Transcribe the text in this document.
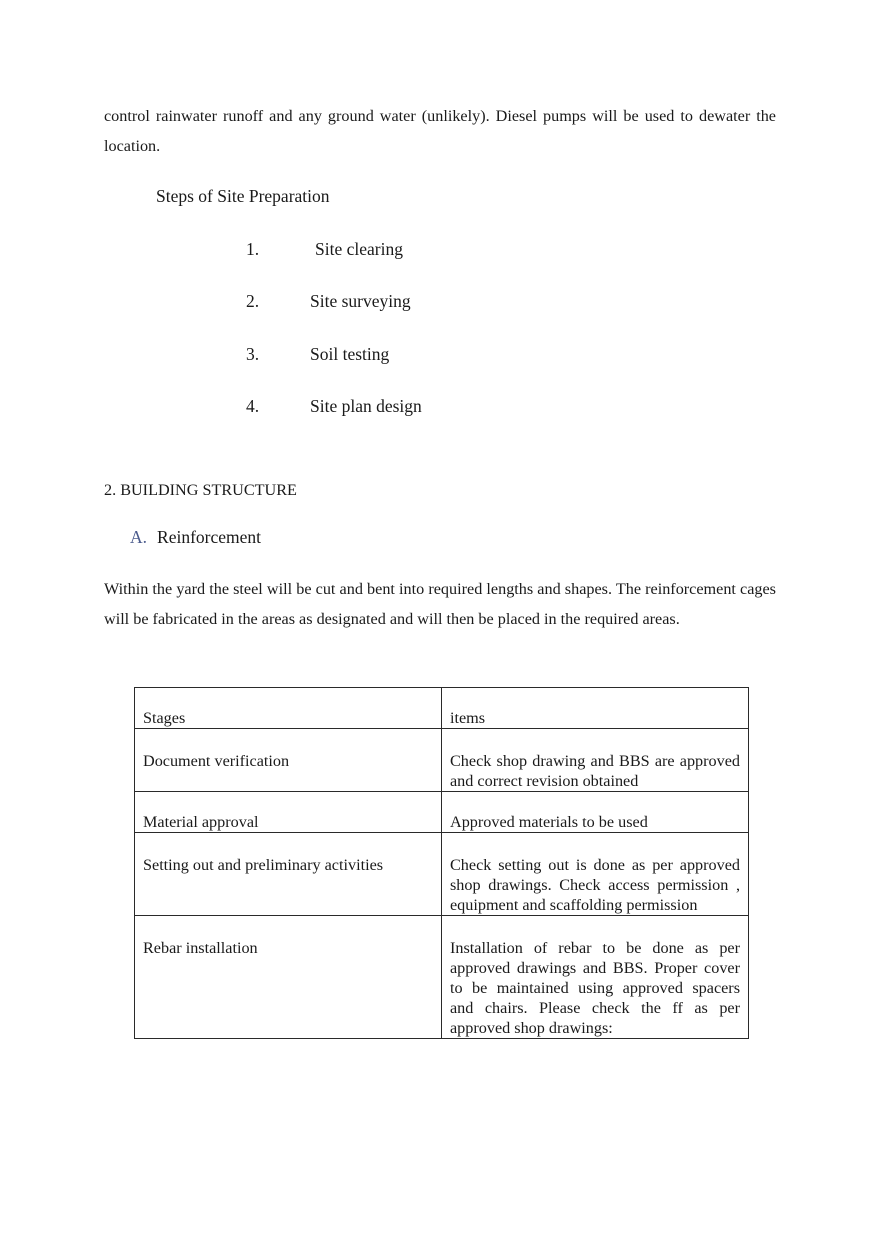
control rainwater runoff and any ground water (unlikely). Diesel pumps will be used to dewater the location.

Steps of Site Preparation

1.	Site clearing
2.	Site surveying
3.	Soil testing
4.	Site plan design

2. BUILDING STRUCTURE

A. Reinforcement

Within the yard the steel will be cut and bent into required lengths and shapes. The reinforcement cages will be fabricated in the areas as designated and will then be placed in the required areas.

Stages	items
Document verification	Check shop drawing and BBS are approved and correct revision obtained
Material approval	Approved materials to be used
Setting out and preliminary activities	Check setting out is done as per approved shop drawings. Check access permission , equipment and scaffolding permission
Rebar installation	Installation of rebar to be done as per approved drawings and BBS. Proper cover to be maintained using approved spacers and chairs. Please check the ff as per approved shop drawings:
